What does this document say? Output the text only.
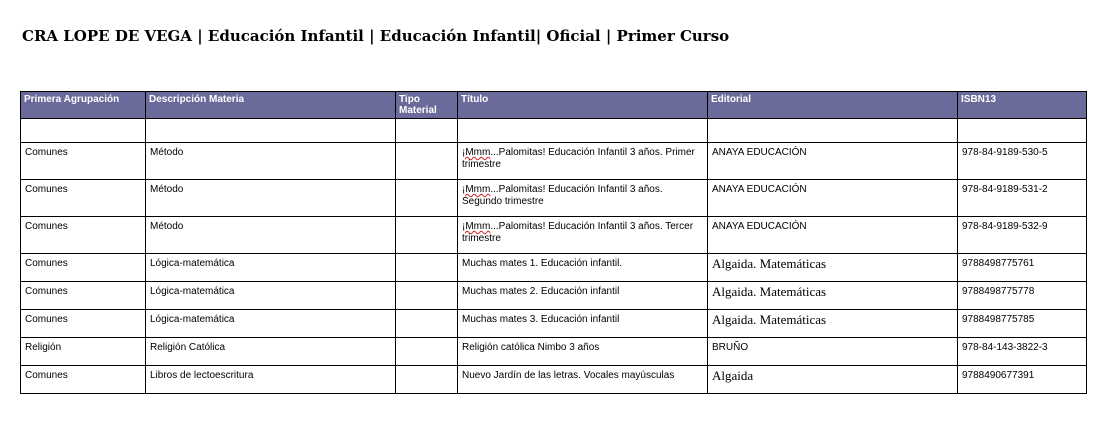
CRA LOPE DE VEGA | Educación Infantil | Educación Infantil| Oficial | Primer Curso
Primera Agrupación	Descripción Materia	Tipo Material	Título	Editorial	ISBN13

Comunes	Método		¡Mmm...Palomitas! Educación Infantil 3 años. Primer trimestre	ANAYA EDUCACIÓN	978-84-9189-530-5
Comunes	Método		¡Mmm...Palomitas! Educación Infantil 3 años. Segundo trimestre	ANAYA EDUCACIÓN	978-84-9189-531-2
Comunes	Método		¡Mmm...Palomitas! Educación Infantil 3 años. Tercer trimestre	ANAYA EDUCACIÓN	978-84-9189-532-9
Comunes	Lógica-matemática		Muchas mates 1. Educación infantil.	Algaida. Matemáticas	9788498775761
Comunes	Lógica-matemática		Muchas mates 2. Educación infantil	Algaida. Matemáticas	9788498775778
Comunes	Lógica-matemática		Muchas mates 3. Educación infantil	Algaida. Matemáticas	9788498775785
Religión	Religión Católica		Religión católica Nimbo 3 años	BRUÑO	978-84-143-3822-3
Comunes	Libros de lectoescritura		Nuevo Jardín de las letras. Vocales mayúsculas	Algaida	9788490677391
